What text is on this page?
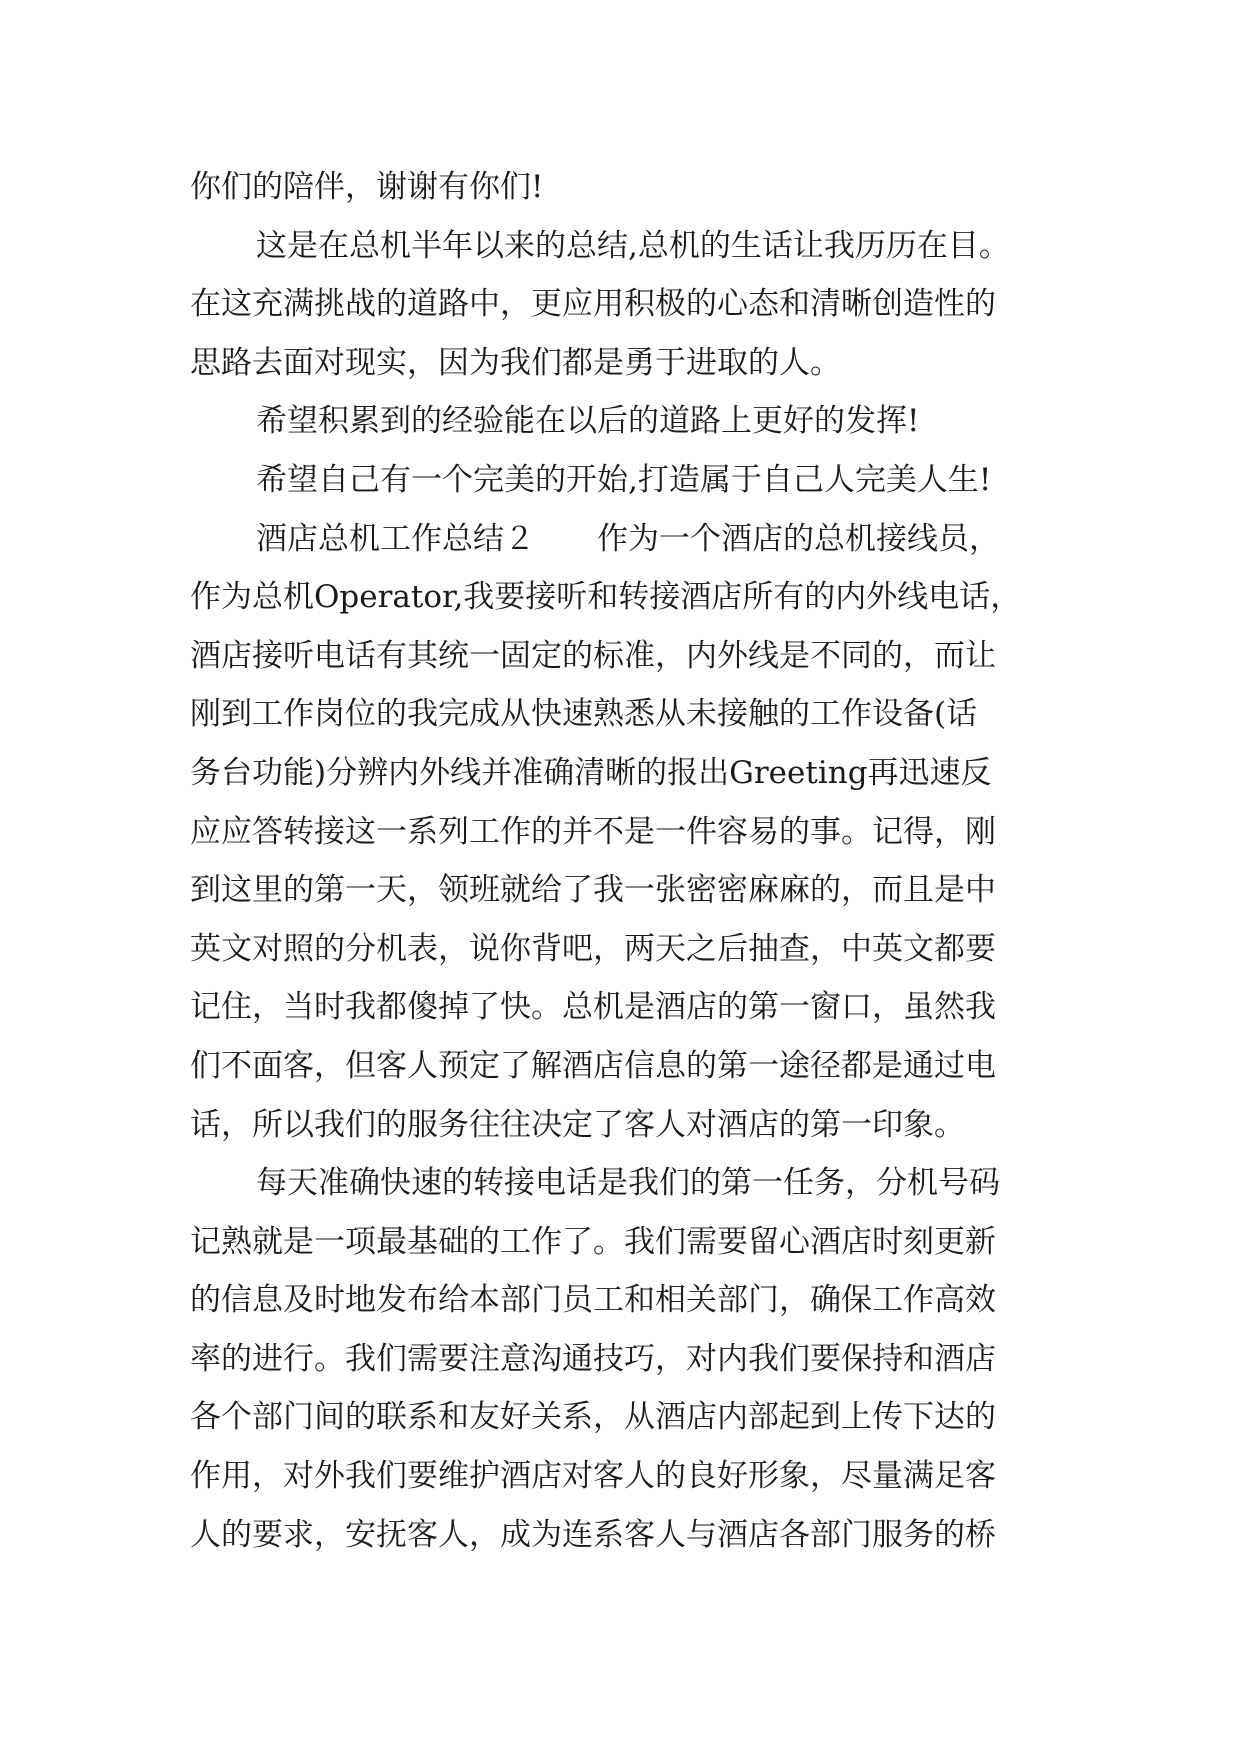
你们的陪伴，谢谢有你们!
这是在总机半年以来的总结,总机的生话让我历历在目。
在这充满挑战的道路中，更应用积极的心态和清晰创造性的
思路去面对现实，因为我们都是勇于进取的人。
希望积累到的经验能在以后的道路上更好的发挥!
希望自己有一个完美的开始,打造属于自己人完美人生!
酒店总机工作总结２　　作为一个酒店的总机接线员，
作为总机Operator,我要接听和转接酒店所有的内外线电话，
酒店接听电话有其统一固定的标准，内外线是不同的，而让
刚到工作岗位的我完成从快速熟悉从未接触的工作设备(话
务台功能)分辨内外线并准确清晰的报出Greeting再迅速反
应应答转接这一系列工作的并不是一件容易的事。记得，刚
到这里的第一天，领班就给了我一张密密麻麻的，而且是中
英文对照的分机表，说你背吧，两天之后抽查，中英文都要
记住，当时我都傻掉了快。总机是酒店的第一窗口，虽然我
们不面客，但客人预定了解酒店信息的第一途径都是通过电
话，所以我们的服务往往决定了客人对酒店的第一印象。
每天准确快速的转接电话是我们的第一任务，分机号码
记熟就是一项最基础的工作了。我们需要留心酒店时刻更新
的信息及时地发布给本部门员工和相关部门，确保工作高效
率的进行。我们需要注意沟通技巧，对内我们要保持和酒店
各个部门间的联系和友好关系，从酒店内部起到上传下达的
作用，对外我们要维护酒店对客人的良好形象，尽量满足客
人的要求，安抚客人，成为连系客人与酒店各部门服务的桥
